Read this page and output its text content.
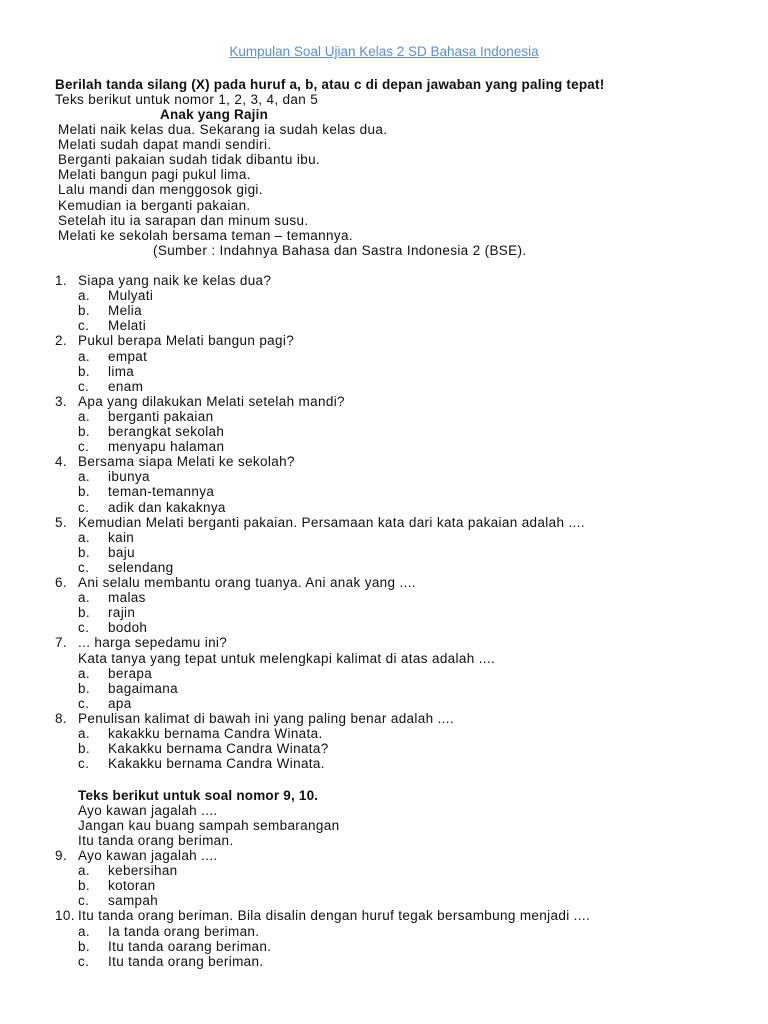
Kumpulan Soal Ujian Kelas 2 SD Bahasa Indonesia
Berilah tanda silang (X) pada huruf a, b, atau c di depan jawaban yang paling tepat!
Teks berikut untuk nomor 1, 2, 3, 4, dan 5
Anak yang Rajin
Melati naik kelas dua. Sekarang ia sudah kelas dua.
Melati sudah dapat mandi sendiri.
Berganti pakaian sudah tidak dibantu ibu.
Melati bangun pagi pukul lima.
Lalu mandi dan menggosok gigi.
Kemudian ia berganti pakaian.
Setelah itu ia sarapan dan minum susu.
Melati ke sekolah bersama teman – temannya.
(Sumber : Indahnya Bahasa dan Sastra Indonesia 2 (BSE).
1. Siapa yang naik ke kelas dua?
a. Mulyati
b. Melia
c. Melati
2. Pukul berapa Melati bangun pagi?
a. empat
b. lima
c. enam
3. Apa yang dilakukan Melati setelah mandi?
a. berganti pakaian
b. berangkat sekolah
c. menyapu halaman
4. Bersama siapa Melati ke sekolah?
a. ibunya
b. teman-temannya
c. adik dan kakaknya
5. Kemudian Melati berganti pakaian. Persamaan kata dari kata pakaian adalah ....
a. kain
b. baju
c. selendang
6. Ani selalu membantu orang tuanya. Ani anak yang ....
a. malas
b. rajin
c. bodoh
7. ... harga sepedamu ini?
Kata tanya yang tepat untuk melengkapi kalimat di atas adalah ....
a. berapa
b. bagaimana
c. apa
8. Penulisan kalimat di bawah ini yang paling benar adalah ....
a. kakakku bernama Candra Winata.
b. Kakakku bernama Candra Winata?
c. Kakakku bernama Candra Winata.
Teks berikut untuk soal nomor 9, 10.
Ayo kawan jagalah ....
Jangan kau buang sampah sembarangan
Itu tanda orang beriman.
9. Ayo kawan jagalah ....
a. kebersihan
b. kotoran
c. sampah
10. Itu tanda orang beriman. Bila disalin dengan huruf tegak bersambung menjadi ....
a. Ia tanda orang beriman.
b. Itu tanda oarang beriman.
c. Itu tanda orang beriman.
